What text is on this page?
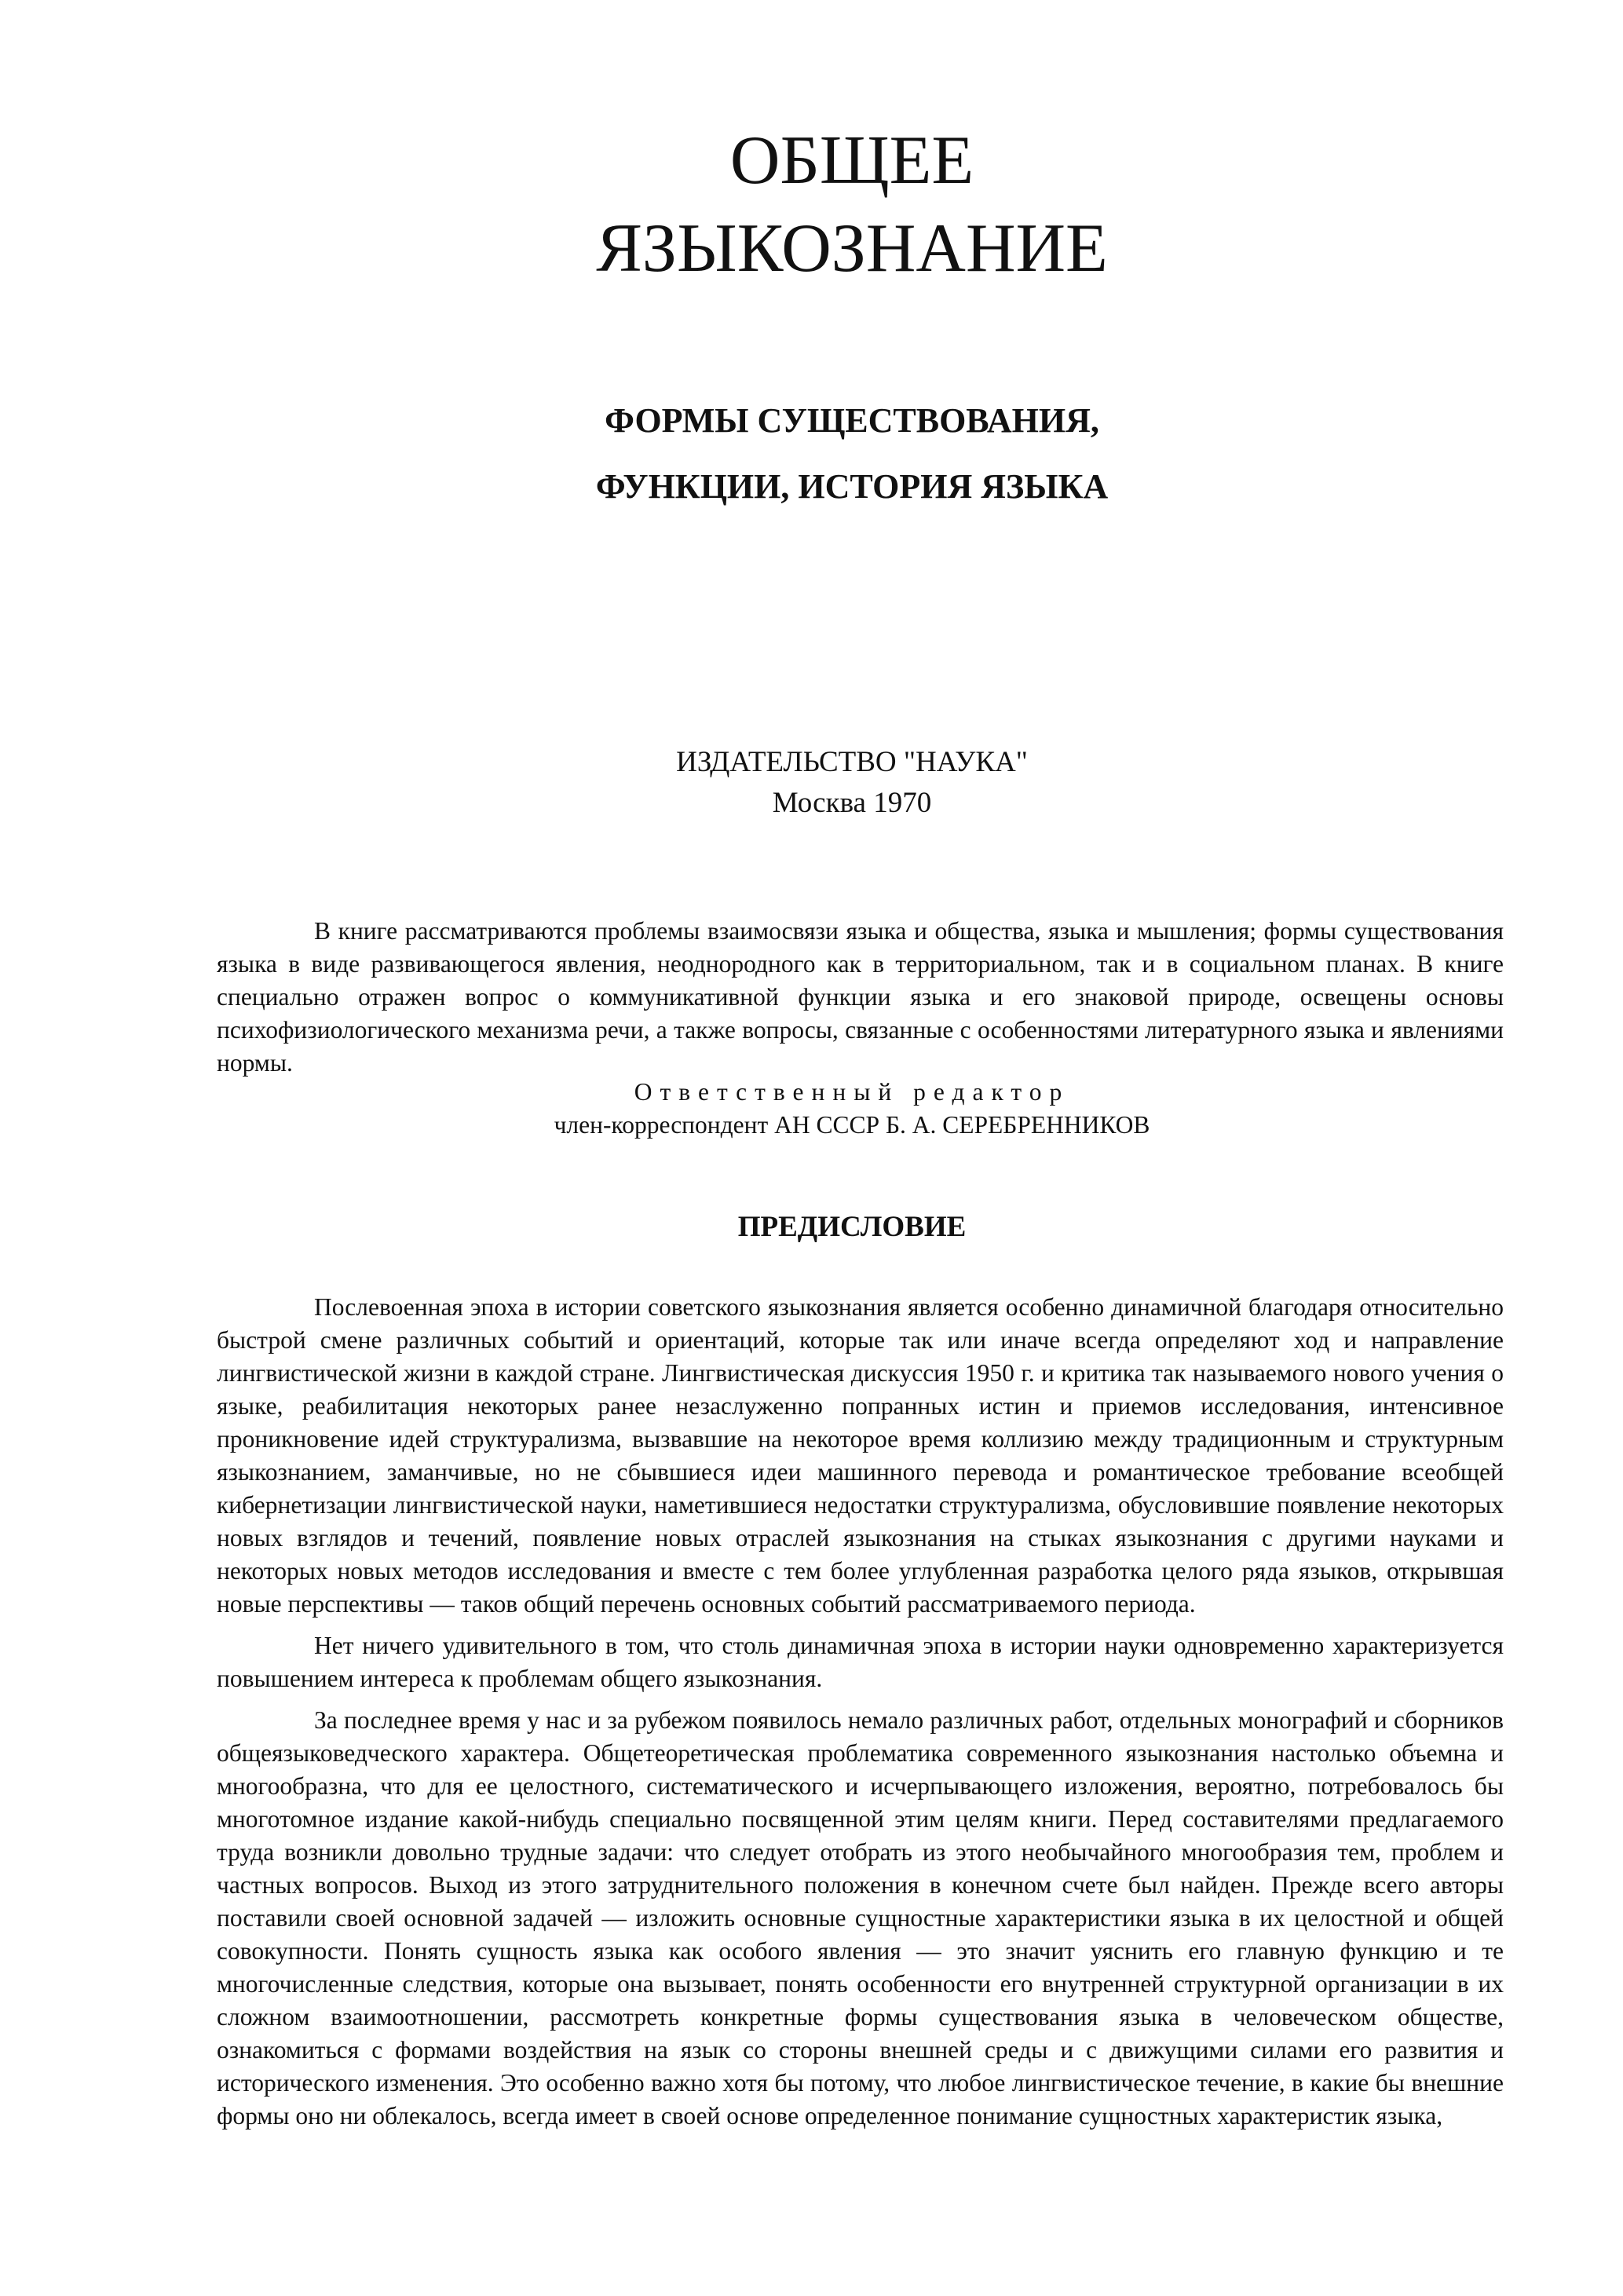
ОБЩЕЕ
ЯЗЫКОЗНАНИЕ
ФОРМЫ СУЩЕСТВОВАНИЯ,
ФУНКЦИИ, ИСТОРИЯ ЯЗЫКА

ИЗДАТЕЛЬСТВО "НАУКА"

Москва 1970

В книге рассматриваются проблемы взаимосвязи языка и общества, языка и мышления; формы существования языка в виде развивающегося явления, неоднородного как в территориальном, так и в социальном планах. В книге специально отражен вопрос о коммуникативной функции языка и его знаковой природе, освещены основы психофизиологического механизма речи, а также вопросы, связанные с особенностями литературного языка и явлениями нормы.

Ответственный редактор

член-корреспондент АН СССР Б. А. СЕРЕБРЕННИКОВ

ПРЕДИСЛОВИЕ

Послевоенная эпоха в истории советского языкознания является особенно динамичной благодаря относительно быстрой смене различных событий и ориентаций, которые так или иначе всегда определяют ход и направление лингвистической жизни в каждой стране. Лингвистическая дискуссия 1950 г. и критика так называемого нового учения о языке, реабилитация некоторых ранее незаслуженно попранных истин и приемов исследования, интенсивное проникновение идей структурализма, вызвавшие на некоторое время коллизию между традиционным и структурным языкознанием, заманчивые, но не сбывшиеся идеи машинного перевода и романтическое требование всеобщей кибернетизации лингвистической науки, наметившиеся недостатки структурализма, обусловившие появление некоторых новых взглядов и течений, появление новых отраслей языкознания на стыках языкознания с другими науками и некоторых новых методов исследования и вместе с тем более углубленная разработка целого ряда языков, открывшая новые перспективы — таков общий перечень основных событий рассматриваемого периода.

Нет ничего удивительного в том, что столь динамичная эпоха в истории науки одновременно характеризуется повышением интереса к проблемам общего языкознания.

За последнее время у нас и за рубежом появилось немало различных работ, отдельных монографий и сборников общеязыковедческого характера. Общетеоретическая проблематика современного языкознания настолько объемна и многообразна, что для ее целостного, систематического и исчерпывающего изложения, вероятно, потребовалось бы многотомное издание какой-нибудь специально посвященной этим целям книги. Перед составителями предлагаемого труда возникли довольно трудные задачи: что следует отобрать из этого необычайного многообразия тем, проблем и частных вопросов. Выход из этого затруднительного положения в конечном счете был найден. Прежде всего авторы поставили своей основной задачей — изложить основные сущностные характеристики языка в их целостной и общей совокупности. Понять сущность языка как особого явления — это значит уяснить его главную функцию и те многочисленные следствия, которые она вызывает, понять особенности его внутренней структурной организации в их сложном взаимоотношении, рассмотреть конкретные формы существования языка в человеческом обществе, ознакомиться с формами воздействия на язык со стороны внешней среды и с движущими силами его развития и исторического изменения. Это особенно важно хотя бы потому, что любое лингвистическое течение, в какие бы внешние формы оно ни облекалось, всегда имеет в своей основе определенное понимание сущностных характеристик языка,
